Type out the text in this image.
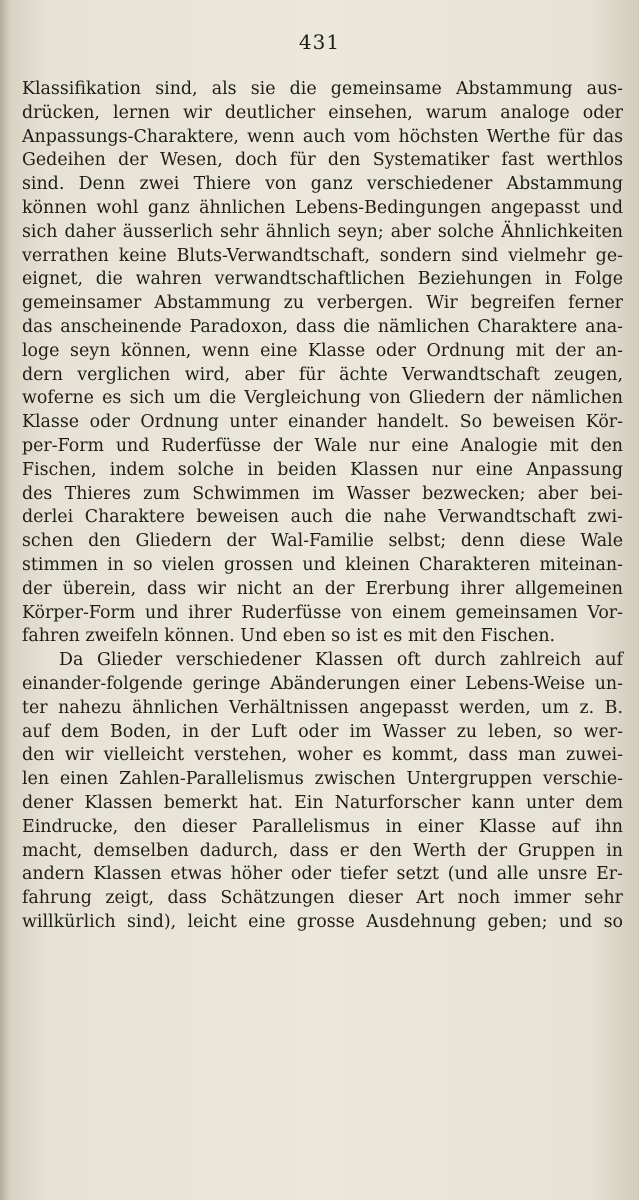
431
Klassifikation sind, als sie die gemeinsame Abstammung aus-
drücken, lernen wir deutlicher einsehen, warum analoge oder
Anpassungs-Charaktere, wenn auch vom höchsten Werthe für das
Gedeihen der Wesen, doch für den Systematiker fast werthlos
sind. Denn zwei Thiere von ganz verschiedener Abstammung
können wohl ganz ähnlichen Lebens-Bedingungen angepasst und
sich daher äusserlich sehr ähnlich seyn; aber solche Ähnlichkeiten
verrathen keine Bluts-Verwandtschaft, sondern sind vielmehr ge-
eignet, die wahren verwandtschaftlichen Beziehungen in Folge
gemeinsamer Abstammung zu verbergen. Wir begreifen ferner
das anscheinende Paradoxon, dass die nämlichen Charaktere ana-
loge seyn können, wenn eine Klasse oder Ordnung mit der an-
dern verglichen wird, aber für ächte Verwandtschaft zeugen,
woferne es sich um die Vergleichung von Gliedern der nämlichen
Klasse oder Ordnung unter einander handelt. So beweisen Kör-
per-Form und Ruderfüsse der Wale nur eine Analogie mit den
Fischen, indem solche in beiden Klassen nur eine Anpassung
des Thieres zum Schwimmen im Wasser bezwecken; aber bei-
derlei Charaktere beweisen auch die nahe Verwandtschaft zwi-
schen den Gliedern der Wal-Familie selbst; denn diese Wale
stimmen in so vielen grossen und kleinen Charakteren miteinan-
der überein, dass wir nicht an der Ererbung ihrer allgemeinen
Körper-Form und ihrer Ruderfüsse von einem gemeinsamen Vor-
fahren zweifeln können. Und eben so ist es mit den Fischen.
Da Glieder verschiedener Klassen oft durch zahlreich auf
einander-folgende geringe Abänderungen einer Lebens-Weise un-
ter nahezu ähnlichen Verhältnissen angepasst werden, um z. B.
auf dem Boden, in der Luft oder im Wasser zu leben, so wer-
den wir vielleicht verstehen, woher es kommt, dass man zuwei-
len einen Zahlen-Parallelismus zwischen Untergruppen verschie-
dener Klassen bemerkt hat. Ein Naturforscher kann unter dem
Eindrucke, den dieser Parallelismus in einer Klasse auf ihn
macht, demselben dadurch, dass er den Werth der Gruppen in
andern Klassen etwas höher oder tiefer setzt (und alle unsre Er-
fahrung zeigt, dass Schätzungen dieser Art noch immer sehr
willkürlich sind), leicht eine grosse Ausdehnung geben; und so
